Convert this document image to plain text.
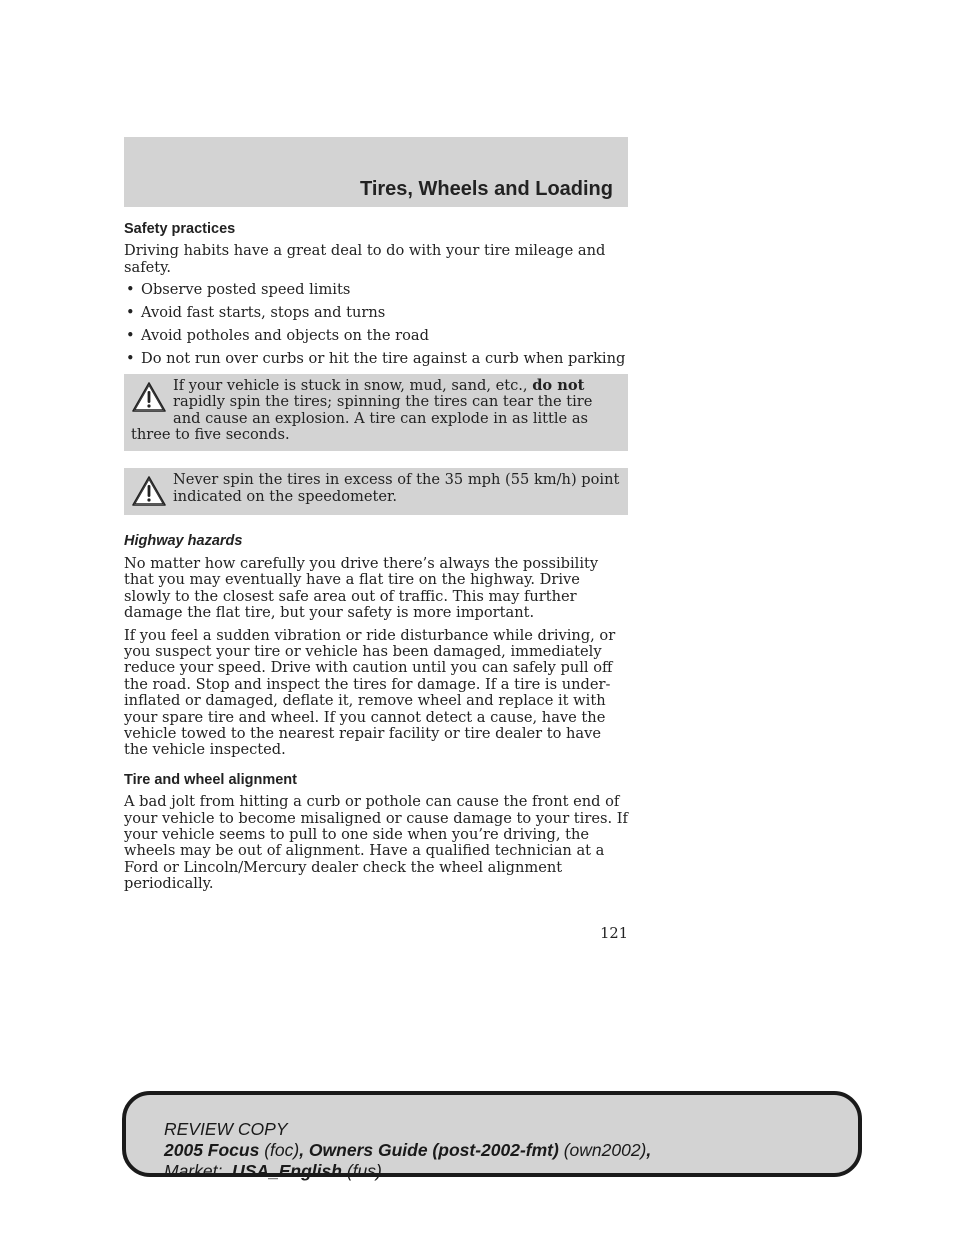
Tires, Wheels and Loading
Safety practices

Driving habits have a great deal to do with your tire mileage and safety.

• Observe posted speed limits
• Avoid fast starts, stops and turns
• Avoid potholes and objects on the road
• Do not run over curbs or hit the tire against a curb when parking

If your vehicle is stuck in snow, mud, sand, etc., do not rapidly spin the tires; spinning the tires can tear the tire and cause an explosion. A tire can explode in as little as three to five seconds.

Never spin the tires in excess of the 35 mph (55 km/h) point indicated on the speedometer.

Highway hazards

No matter how carefully you drive there’s always the possibility that you may eventually have a flat tire on the highway. Drive slowly to the closest safe area out of traffic. This may further damage the flat tire, but your safety is more important.

If you feel a sudden vibration or ride disturbance while driving, or you suspect your tire or vehicle has been damaged, immediately reduce your speed. Drive with caution until you can safely pull off the road. Stop and inspect the tires for damage. If a tire is under-inflated or damaged, deflate it, remove wheel and replace it with your spare tire and wheel. If you cannot detect a cause, have the vehicle towed to the nearest repair facility or tire dealer to have the vehicle inspected.

Tire and wheel alignment

A bad jolt from hitting a curb or pothole can cause the front end of your vehicle to become misaligned or cause damage to your tires. If your vehicle seems to pull to one side when you’re driving, the wheels may be out of alignment. Have a qualified technician at a Ford or Lincoln/Mercury dealer check the wheel alignment periodically.

121
REVIEW COPY
2005 Focus (foc), Owners Guide (post-2002-fmt) (own2002),
Market:  USA_English (fus)
